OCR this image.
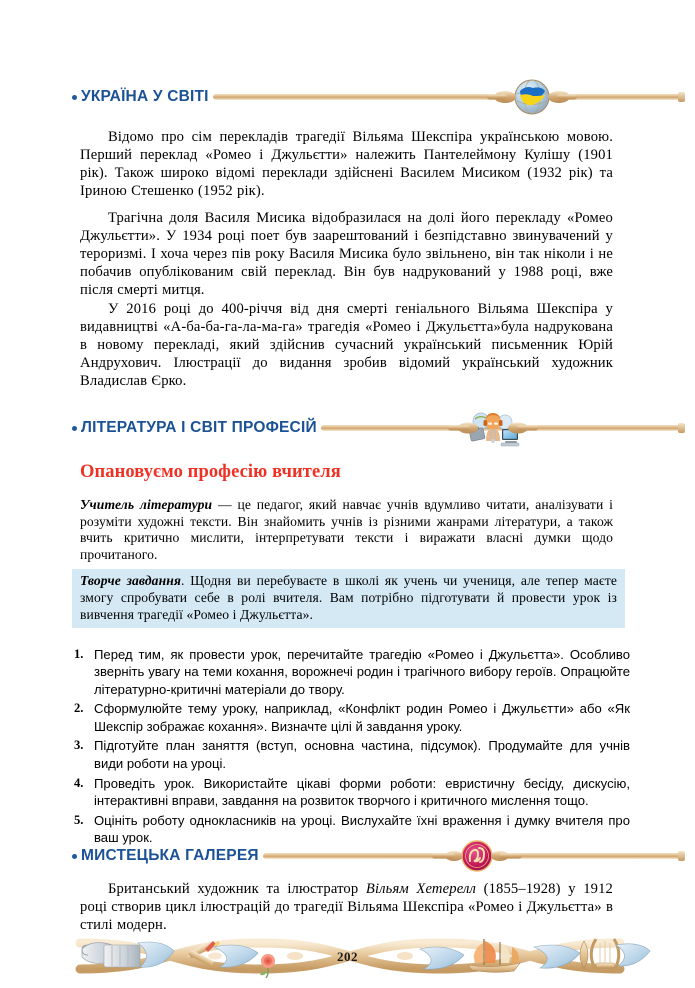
УКРАЇНА У СВІТІ
Відомо про сім перекладів трагедії Вільяма Шекспіра українською мовою. Перший переклад «Ромео і Джульєтти» належить Пантелеймону Кулішу (1901 рік). Також широко відомі переклади здійснені Василем Мисиком (1932 рік) та Іриною Стешенко (1952 рік).
Трагічна доля Василя Мисика відобразилася на долі його перекладу «Ромео Джульєтти». У 1934 році поет був заарештований і безпідставно звинувачений у тероризмі. І хоча через пів року Василя Мисика було звільнено, він так ніколи і не побачив опублікованим свій переклад. Він був надрукований у 1988 році, вже після смерті митця.
У 2016 році до 400-річчя від дня смерті геніального Вільяма Шекспіра у видавництві «А-ба-ба-га-ла-ма-га» трагедія «Ромео і Джульєтта»була надрукована в новому перекладі, який здійснив сучасний український письменник Юрій Андрухович. Ілюстрації до видання зробив відомий український художник Владислав Єрко.
ЛІТЕРАТУРА І СВІТ ПРОФЕСІЙ
Опановуємо професію вчителя
Учитель літератури — це педагог, який навчає учнів вдумливо читати, аналізувати і розуміти художні тексти. Він знайомить учнів із різними жанрами літератури, а також вчить критично мислити, інтерпретувати тексти і виражати власні думки щодо прочитаного.
Творче завдання. Щодня ви перебуваєте в школі як учень чи учениця, але тепер маєте змогу спробувати себе в ролі вчителя. Вам потрібно підготувати й провести урок із вивчення трагедії «Ромео і Джульєтта».
1. Перед тим, як провести урок, перечитайте трагедію «Ромео і Джульєтта». Особливо зверніть увагу на теми кохання, ворожнечі родин і трагічного вибору героїв. Опрацюйте літературно-критичні матеріали до твору.
2. Сформулюйте тему уроку, наприклад, «Конфлікт родин Ромео і Джульєтти» або «Як Шекспір зображає кохання». Визначте цілі й завдання уроку.
3. Підготуйте план заняття (вступ, основна частина, підсумок). Продумайте для учнів види роботи на уроці.
4. Проведіть урок. Використайте цікаві форми роботи: евристичну бесіду, дискусію, інтерактивні вправи, завдання на розвиток творчого і критичного мислення тощо.
5. Оцініть роботу однокласників на уроці. Вислухайте їхні враження і думку вчителя про ваш урок.
МИСТЕЦЬКА ГАЛЕРЕЯ
Британський художник та ілюстратор Вільям Хетерелл (1855–1928) у 1912 році створив цикл ілюстрацій до трагедії Вільяма Шекспіра «Ромео і Джульєтта» в стилі модерн.
202
